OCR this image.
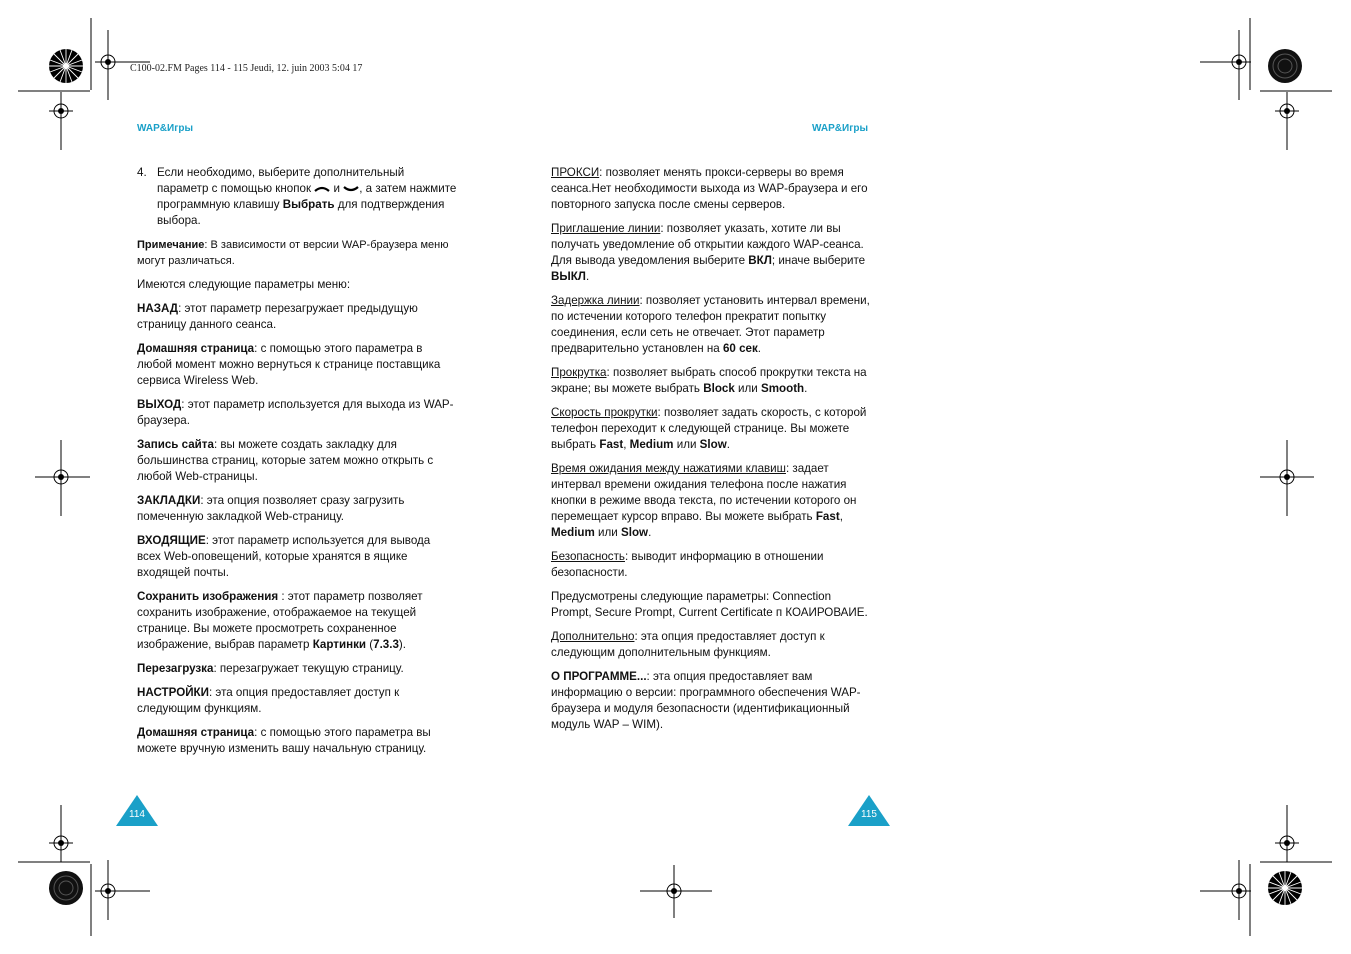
C100-02.FM Pages 114 - 115 Jeudi, 12. juin 2003 5:04 17
WAP&Игры	WAP&Игры

4. Если необходимо, выберите дополнительный параметр с помощью кнопок и , а затем нажмите программную клавишу Выбрать для подтверждения выбора.

Примечание: В зависимости от версии WAP-браузера меню могут различаться.

Имеются следующие параметры меню:

НАЗАД: этот параметр перезагружает предыдущую страницу данного сеанса.

Домашняя страница: с помощью этого параметра в любой момент можно вернуться к странице поставщика сервиса Wireless Web.

ВЫХОД: этот параметр используется для выхода из WAP-браузера.

Запись сайта: вы можете создать закладку для большинства страниц, которые затем можно открыть с любой Web-страницы.

ЗАКЛАДКИ: эта опция позволяет сразу загрузить помеченную закладкой Web-страницу.

ВХОДЯЩИЕ: этот параметр используется для вывода всех Web-оповещений, которые хранятся в ящике входящей почты.

Сохранить изображения : этот параметр позволяет сохранить изображение, отображаемое на текущей странице. Вы можете просмотреть сохраненное изображение, выбрав параметр Картинки (7.3.3).

Перезагрузка: перезагружает текущую страницу.

НАСТРОЙКИ: эта опция предоставляет доступ к следующим функциям.

Домашняя страница: с помощью этого параметра вы можете вручную изменить вашу начальную страницу.

ПРОКСИ: позволяет менять прокси-серверы во время сеанса.Нет необходимости выхода из WAP-браузера и его повторного запуска после смены серверов.

Приглашение линии: позволяет указать, хотите ли вы получать уведомление об открытии каждого WAP-сеанса. Для вывода уведомления выберите ВКЛ; иначе выберите ВЫКЛ.

Задержка линии: позволяет установить интервал времени, по истечении которого телефон прекратит попытку соединения, если сеть не отвечает. Этот параметр предварительно установлен на 60 сек.

Прокрутка: позволяет выбрать способ прокрутки текста на экране; вы можете выбрать Block или Smooth.

Скорость прокрутки: позволяет задать скорость, с которой телефон переходит к следующей странице. Вы можете выбрать Fast, Medium или Slow.

Время ожидания между нажатиями клавиш: задает интервал времени ожидания телефона после нажатия кнопки в режиме ввода текста, по истечении которого он перемещает курсор вправо. Вы можете выбрать Fast, Medium или Slow.

Безопасность: выводит информацию в отношении безопасности.

Предусмотрены следующие параметры: Connection Prompt, Secure Prompt, Current Certificate п КОАИРОВАИЕ.

Дополнительно: эта опция предоставляет доступ к следующим дополнительным функциям.

О ПРОГРАММЕ...: эта опция предоставляет вам информацию о версии: программного обеспечения WAP-браузера и модуля безопасности (идентификационный модуль WAP – WIM).

114	115
